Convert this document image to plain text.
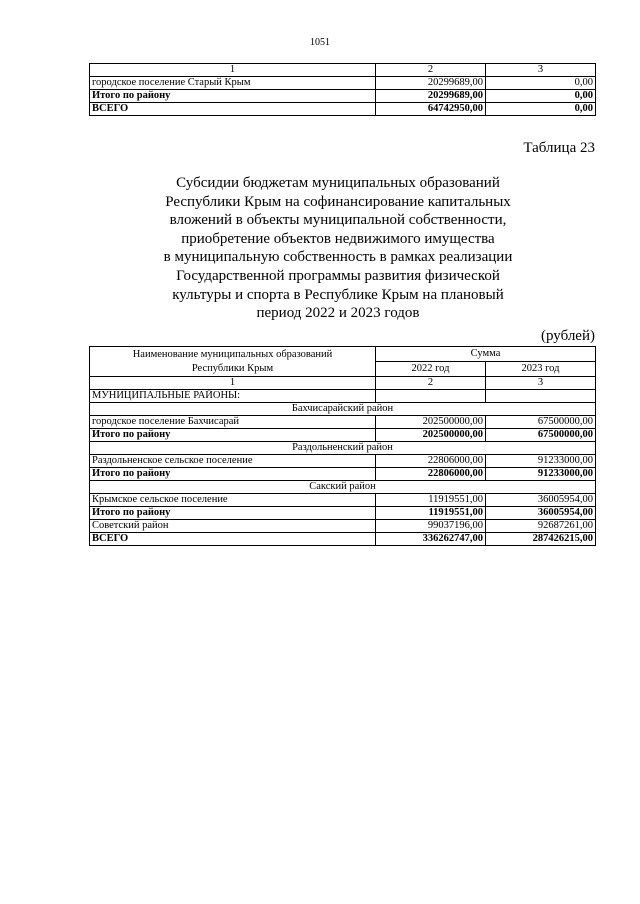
1051
1	2	3
городское поселение Старый Крым	20299689,00	0,00
Итого по району	20299689,00	0,00
ВСЕГО	64742950,00	0,00
Таблица 23
Субсидии бюджетам муниципальных образований
Республики Крым на софинансирование капитальных
вложений в объекты муниципальной собственности,
приобретение объектов недвижимого имущества
в муниципальную собственность в рамках реализации
Государственной программы развития физической
культуры и спорта в Республике Крым на плановый
период 2022 и 2023 годов
(рублей)
Наименование муниципальных образований
Республики Крым	Сумма	
	2022 год	2023 год
1	2	3
МУНИЦИПАЛЬНЫЕ РАЙОНЫ:		
Бахчисарайский район		
городское поселение Бахчисарай	202500000,00	67500000,00
Итого по району	202500000,00	67500000,00
Раздольненский район		
Раздольненское сельское поселение	22806000,00	91233000,00
Итого по району	22806000,00	91233000,00
Сакский район		
Крымское сельское поселение	11919551,00	36005954,00
Итого по району	11919551,00	36005954,00
Советский район	99037196,00	92687261,00
ВСЕГО	336262747,00	287426215,00
